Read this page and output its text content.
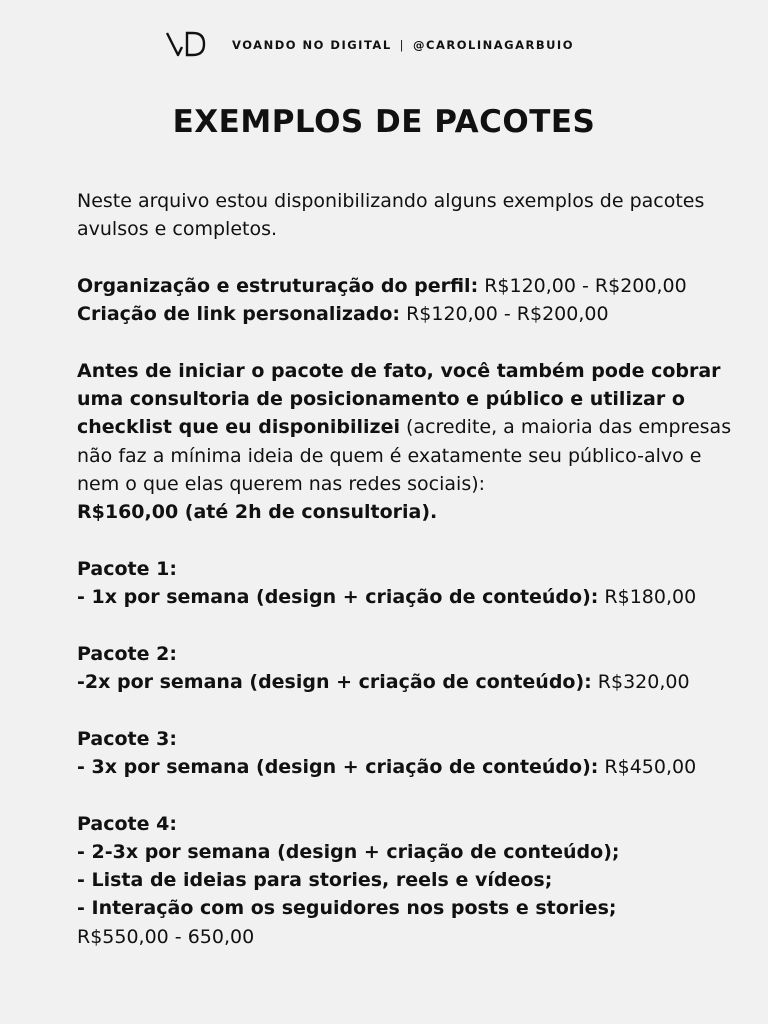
VOANDO NO DIGITAL | @CAROLINAGARBUIO
EXEMPLOS DE PACOTES

Neste arquivo estou disponibilizando alguns exemplos de pacotes avulsos e completos.

Organização e estruturação do perfil: R$120,00 - R$200,00

Criação de link personalizado: R$120,00 - R$200,00

Antes de iniciar o pacote de fato, você também pode cobrar uma consultoria de posicionamento e público e utilizar o checklist que eu disponibilizei (acredite, a maioria das empresas não faz a mínima ideia de quem é exatamente seu público-alvo e nem o que elas querem nas redes sociais):

R$160,00 (até 2h de consultoria).

Pacote 1:

- 1x por semana (design + criação de conteúdo): R$180,00

Pacote 2:

-2x por semana (design + criação de conteúdo): R$320,00

Pacote 3:

- 3x por semana (design + criação de conteúdo): R$450,00

Pacote 4:

- 2-3x por semana (design + criação de conteúdo);

- Lista de ideias para stories, reels e vídeos;

- Interação com os seguidores nos posts e stories;

R$550,00 - 650,00
